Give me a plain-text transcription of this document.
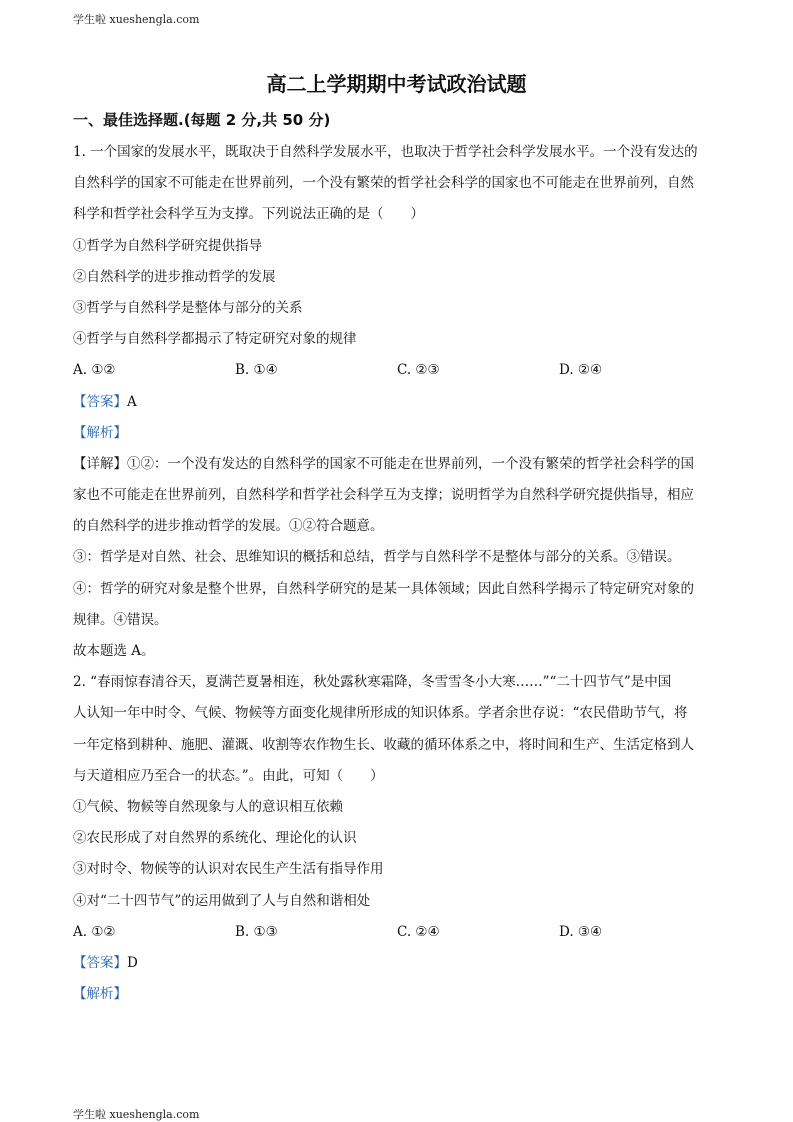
学生啦 xueshengla.com
高二上学期期中考试政治试题
一、最佳选择题.(每题 2 分,共 50 分)
1. 一个国家的发展水平，既取决于自然科学发展水平，也取决于哲学社会科学发展水平。一个没有发达的
自然科学的国家不可能走在世界前列，一个没有繁荣的哲学社会科学的国家也不可能走在世界前列，自然
科学和哲学社会科学互为支撑。下列说法正确的是（　　）
①哲学为自然科学研究提供指导
②自然科学的进步推动哲学的发展
③哲学与自然科学是整体与部分的关系
④哲学与自然科学都揭示了特定研究对象的规律
A. ①②	B. ①④	C. ②③	D. ②④
【答案】A
【解析】
【详解】①②：一个没有发达的自然科学的国家不可能走在世界前列，一个没有繁荣的哲学社会科学的国
家也不可能走在世界前列，自然科学和哲学社会科学互为支撑；说明哲学为自然科学研究提供指导，相应
的自然科学的进步推动哲学的发展。①②符合题意。
③：哲学是对自然、社会、思维知识的概括和总结，哲学与自然科学不是整体与部分的关系。③错误。
④：哲学的研究对象是整个世界，自然科学研究的是某一具体领域；因此自然科学揭示了特定研究对象的
规律。④错误。
故本题选 A。
2. “春雨惊春清谷天，夏满芒夏暑相连，秋处露秋寒霜降，冬雪雪冬小大寒……”“二十四节气”是中国
人认知一年中时令、气候、物候等方面变化规律所形成的知识体系。学者余世存说：“农民借助节气，将
一年定格到耕种、施肥、灌溉、收割等农作物生长、收藏的循环体系之中，将时间和生产、生活定格到人
与天道相应乃至合一的状态。”。由此，可知（　　）
①气候、物候等自然现象与人的意识相互依赖
②农民形成了对自然界的系统化、理论化的认识
③对时令、物候等的认识对农民生产生活有指导作用
④对“二十四节气”的运用做到了人与自然和谐相处
A. ①②	B. ①③	C. ②④	D. ③④
【答案】D
【解析】
学生啦 xueshengla.com
